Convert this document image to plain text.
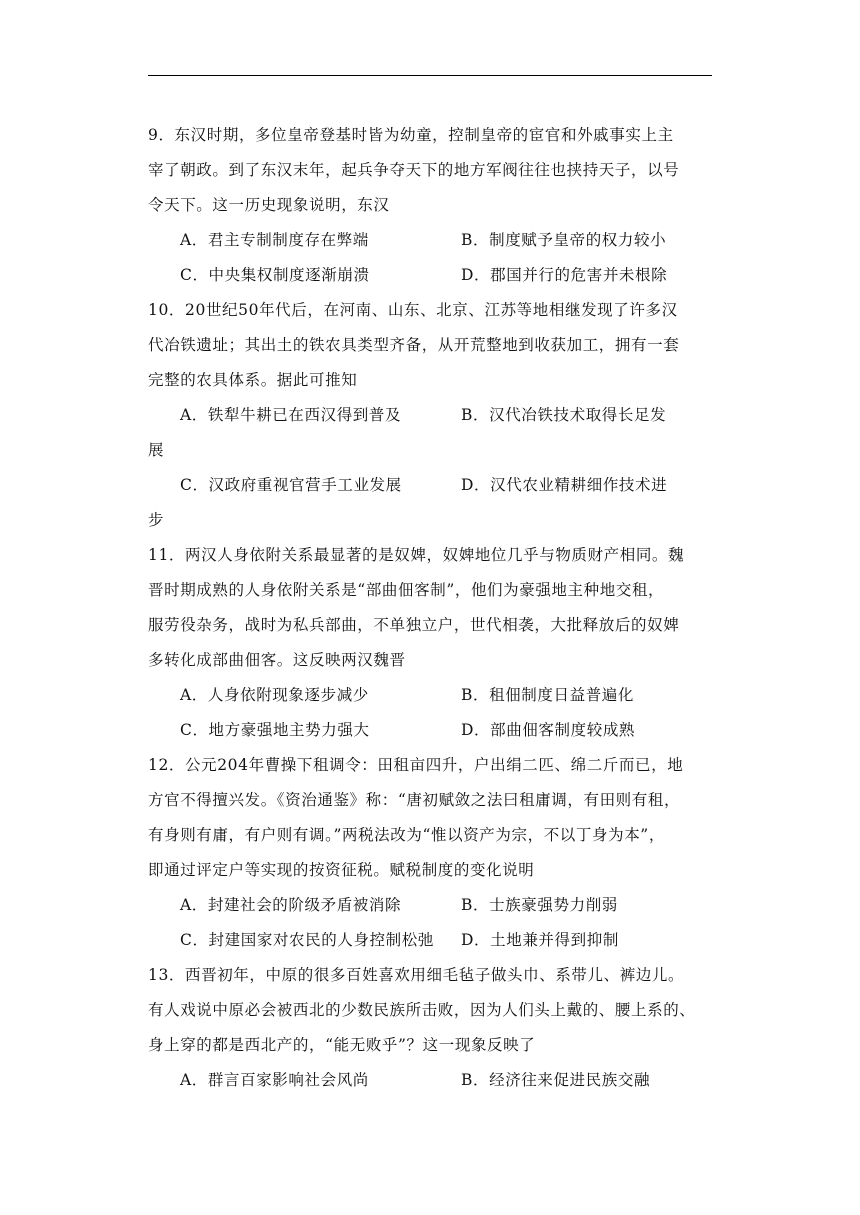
9．东汉时期，多位皇帝登基时皆为幼童，控制皇帝的宦官和外戚事实上主
宰了朝政。到了东汉末年，起兵争夺天下的地方军阀往往也挟持天子，以号
令天下。这一历史现象说明，东汉
A．君主专制制度存在弊端	B．制度赋予皇帝的权力较小
C．中央集权制度逐渐崩溃	D．郡国并行的危害并未根除
10．20世纪50年代后，在河南、山东、北京、江苏等地相继发现了许多汉
代冶铁遗址；其出土的铁农具类型齐备，从开荒整地到收获加工，拥有一套
完整的农具体系。据此可推知
A．铁犁牛耕已在西汉得到普及	B．汉代冶铁技术取得长足发
展
C．汉政府重视官营手工业发展	D．汉代农业精耕细作技术进
步
11．两汉人身依附关系最显著的是奴婢，奴婢地位几乎与物质财产相同。魏
晋时期成熟的人身依附关系是“部曲佃客制”，他们为豪强地主种地交租，
服劳役杂务，战时为私兵部曲，不单独立户，世代相袭，大批释放后的奴婢
多转化成部曲佃客。这反映两汉魏晋
A．人身依附现象逐步减少	B．租佃制度日益普遍化
C．地方豪强地主势力强大	D．部曲佃客制度较成熟
12．公元204年曹操下租调令：田租亩四升，户出绢二匹、绵二斤而已，地
方官不得擅兴发。《资治通鉴》称：“唐初赋敛之法曰租庸调，有田则有租，
有身则有庸，有户则有调。”两税法改为“惟以资产为宗，不以丁身为本”，
即通过评定户等实现的按资征税。赋税制度的变化说明
A．封建社会的阶级矛盾被消除	B．士族豪强势力削弱
C．封建国家对农民的人身控制松弛	D．土地兼并得到抑制
13．西晋初年，中原的很多百姓喜欢用细毛毡子做头巾、系带儿、裤边儿。
有人戏说中原必会被西北的少数民族所击败，因为人们头上戴的、腰上系的、
身上穿的都是西北产的，“能无败乎”？这一现象反映了
A．群言百家影响社会风尚	B．经济往来促进民族交融
